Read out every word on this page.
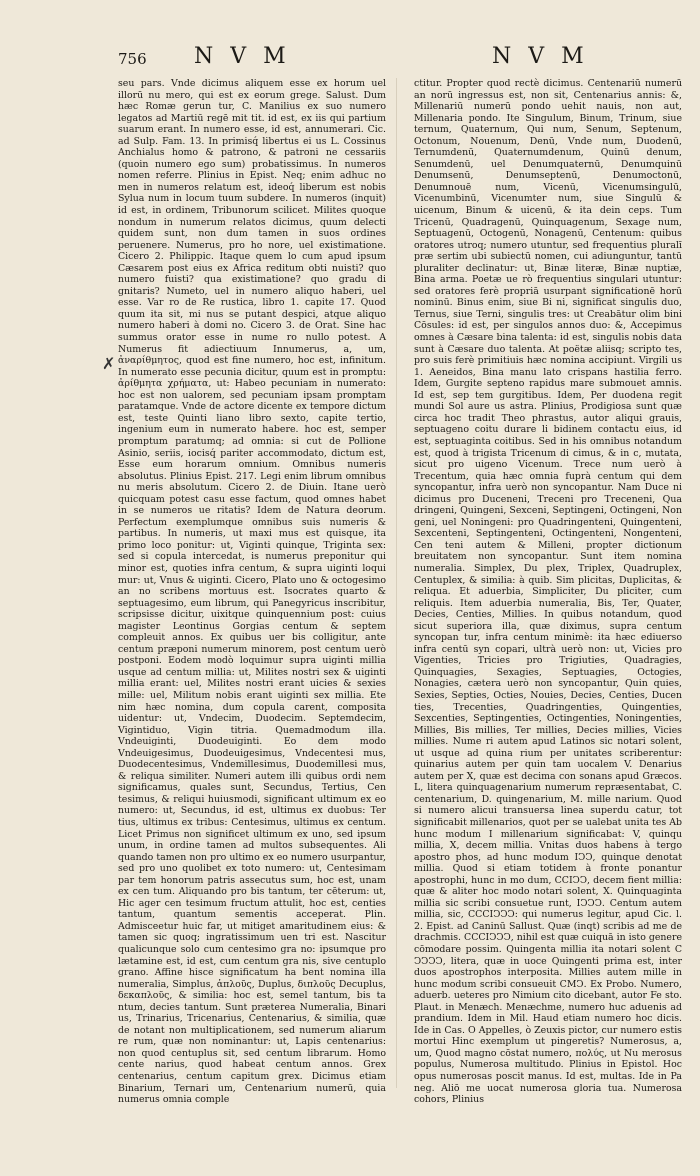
756 N V M	N V M
✗

seu pars. Vnde dicimus aliquem esse ex horum uel illorū nu mero, qui est ex eorum grege. Salust. Dum hæc Romæ gerun tur, C. Manilius ex suo numero legatos ad Martiū regē mit tit. id est, ex iis qui partium suarum erant. In numero esse, id est, annumerari. Cic. ad Sulp. Fam. 13. In primisq́ libertus ei us L. Cossinus Anchialus homo & patrono, & patroni ne cessariis (quoin numero ego sum) probatissimus. In numeros nomen referre. Plinius in Epist. Neq; enim adhuc no men in numeros relatum est, ideoq́ liberum est nobis Sylua num in locum tuum subdere. In numeros (inquit) id est, in ordinem, Tribunorum scilicet. Milites quoque nondum in numerum relatos dicimus, quum delecti quidem sunt, non dum tamen in suos ordines peruenere. Numerus, pro ho nore, uel existimatione. Cicero 2. Philippic. Itaque quem lo cum apud ipsum Cæsarem post eius ex Africa reditum obti nuisti? quo numero fuisti? qua existimatione? quo gradu di gnitaris? Numeto, uel in numero aliquo haberi, uel esse. Var ro de Re rustica, libro 1. capite 17. Quod quum ita sit, mi nus se putant despici, atque aliquo numero haberi à domi no. Cicero 3. de Orat. Sine hac summus orator esse in nume ro nullo potest. A Numerus fit adiectiuum Innumerus, a, um, ἀναρίθμητος, quod est fine numero, hoc est, infinitum. In numerato esse pecunia dicitur, quum est in promptu: ἀρίθμητα χρήματα, ut: Habeo pecuniam in numerato: hoc est non ualorem, sed pecuniam ipsam promptam paratamque. Vnde de actore dicente ex tempore dictum est, teste Quinti liano libro sexto, capite tertio, ingenium eum in numerato habere. hoc est, semper promptum paratumq; ad omnia: si cut de Pollione Asinio, seriis, iocisq́ pariter accommodato, dictum est, Esse eum horarum omnium. Omnibus numeris absolutus. Plinius Epist. 217. Legi enim librum omnibus nu meris absolutum. Cicero 2. de Diuin. Itane uerò quicquam potest casu esse factum, quod omnes habet in se numeros ue ritatis? Idem de Natura deorum. Perfectum exemplumque omnibus suis numeris & partibus. In numeris, ut maxi mus est quisque, ita primo loco ponitur: ut, Viginti quinque, Triginta sex: sed si copula intercedat, is numerus preponitur qui minor est, quoties infra centum, & supra uiginti loqui mur: ut, Vnus & uiginti. Cicero, Plato uno & octogesimo an no scribens mortuus est. Isocrates quarto & septuagesimo, eum librum, qui Panegyricus inscribitur, scripsisse dicitur, uixitque quinquennium post: cuius magister Leontinus Gorgias centum & septem compleuit annos. Ex quibus uer bis colligitur, ante centum præponi numerum minorem, post centum uerò postponi. Eodem modò loquimur supra uiginti millia usque ad centum millia: ut, Milites nostri sex & uiginti millia erant: uel, Milites nostri erant uicies & sexies mille: uel, Militum nobis erant uiginti sex millia. Ete nim hæc nomina, dum copula carent, composita uidentur: ut, Vndecim, Duodecim. Septemdecim, Vigintiduo, Vigin titria. Quemadmodum illa. Vndeuiginti, Duodeuiginti. Eo dem modo Vndeuigesimus, Duodeuigesimus, Vndecentesi mus, Duodecentesimus, Vndemillesimus, Duodemillesi mus, & reliqua similiter. Numeri autem illi quibus ordi nem significamus, quales sunt, Secundus, Tertius, Cen tesimus, & reliqui huiusmodi, significant ultimum ex eo numero: ut, Secundus, id est, ultimus ex duobus: Ter tius, ultimus ex tribus: Centesimus, ultimus ex centum. Licet Primus non significet ultimum ex uno, sed ipsum unum, in ordine tamen ad multos subsequentes. Ali quando tamen non pro ultimo ex eo numero usurpantur, sed pro uno quolibet ex toto numero: ut, Centesimam par tem honorum patris assecutus sum, hoc est, unam ex cen tum. Aliquando pro bis tantum, ter cēterum: ut, Hic ager cen tesimum fructum attulit, hoc est, centies tantum, quantum sementis acceperat. Plin. Admisceetur huic far, ut mitiget amaritudinem eius: & tamen sic quoq; ingratissimum uen tri est. Nascitur qualicunque solo cum centesimo gra no: ipsumque pro lætamine est, id est, cum centum gra nis, sive centuplo grano. Affine hisce significatum ha bent nomina illa numeralia, Simplus, ἁπλοῦς, Duplus, διπλοῦς Decuplus, δεκαπλοῦς, & similia: hoc est, semel tantum, bis ta ntum, decies tantum. Sunt præterea Numeralia, Binari us, Trinarius, Tricenarius, Centenarius, & similia, quæ de notant non multiplicationem, sed numerum aliarum re rum, quæ non nominantur: ut, Lapis centenarius: non quod centuplus sit, sed centum librarum. Homo cente narius, quod habeat centum annos. Grex centenarius, centum capitum grex. Dicimus etiam Binarium, Ternari um, Centenarium numerū, quia numerus omnia comple

ctitur. Propter quod rectè dicimus. Centenariū numerū an norū ingressus est, non sit, Centenarius annis: &, Millenariū numerū pondo uehit nauis, non aut, Millenaria pondo. Ite Singulum, Binum, Trinum, siue ternum, Quaternum, Qui num, Senum, Septenum, Octonum, Nouenum, Denū, Vnde num, Duodenū, Ternumdenū, Quaternumdenum, Quinū denum, Senumdenū, uel Denumquaternū, Denumquinū Denumsenū, Denumseptenū, Denumoctonū, Denumnouē num, Vicenū, Vicenumsingulū, Vicenumbinū, Vicenumter num, siue Singulū & uicenum, Binum & uicenū, & ita dein ceps. Tum Tricenū, Quadragenū, Quinquagenum, Sexage num, Septuagenū, Octogenū, Nonagenū, Centenum: quibus oratores utroq; numero utuntur, sed frequentius pluralī præ sertim ubi subiectū nomen, cui adiunguntur, tantū pluraliter declinatur: ut, Binæ literæ, Binæ nuptiæ, Bina arma. Poetæ ue rò frequentius singulari utuntur: sed oratores ferè propriā usurpant significationē horū nominū. Binus enim, siue Bi ni, significat singulis duo, Ternus, siue Terni, singulis tres: ut Creabātur olim bini Cōsules: id est, per singulos annos duo: &, Accepimus omnes à Cæsare bina talenta: id est, singulis nobis data sunt à Cæsare duo talenta. At poëtæ aliisq; scripto tes, pro suis ferè primitiuis hæc nomina accipiunt. Virgili us 1. Aeneidos, Bina manu lato crispans hastilia ferro. Idem, Gurgite septeno rapidus mare submouet amnis. Id est, sep tem gurgitibus. Idem, Per duodena regit mundi Sol aure us astra. Plinius, Prodigiosa sunt quæ circa hoc tradit Theo phrastus, autor aliqui grauis, septuageno coitu durare li bidinem contactu eius, id est, septuaginta coitibus. Sed in his omnibus notandum est, quod à trigista Tricenum di cimus, & in c, mutata, sicut pro uigeno Vicenum. Trece num uerò à Trecentum, quia hæc omnia fuprà centum qui dem syncopantur, infra uerò non syncopantur. Nam Duce ni dicimus pro Duceneni, Treceni pro Treceneni, Qua dringeni, Quingeni, Sexceni, Septingeni, Octingeni, Non geni, uel Noningeni: pro Quadringenteni, Quingenteni, Sexcenteni, Septingenteni, Octingenteni, Nongenteni, Cen teni autem & Milleni, propter dictionum breuitatem non syncopantur. Sunt item nomina numeralia. Simplex, Du plex, Triplex, Quadruplex, Centuplex, & similia: à quib. Sim plicitas, Duplicitas, & reliqua. Et aduerbia, Simpliciter, Du pliciter, cum reliquis. Item aduerbia numeralia, Bis, Ter, Quater, Decies, Centies, Millies. In quibus notandum, quod sicut superiora illa, quæ diximus, supra centum syncopan tur, infra centum minimè: ita hæc ediuerso infra centū syn copari, ultrà uerò non: ut, Vicies pro Vigenties, Tricies pro Trigiuties, Quadragies, Quinquagies, Sexagies, Septuagies, Octogies, Nonagies, cætera uerò non syncopantur, Quin quies, Sexies, Septies, Octies, Nouies, Decies, Centies, Ducen ties, Trecenties, Quadringenties, Quingenties, Sexcenties, Septingenties, Octingenties, Noningenties, Millies, Bis millies, Ter millies, Decies millies, Vicies millies. Nume ri autem apud Latinos sic notari solent, ut usque ad quina rium per unitates scriberentur: quinarius autem per quin tam uocalem V. Denarius autem per X, quæ est decima con sonans apud Græcos. L, litera quinquagenarium numerum repræsentabat, C. centenarium, D. quingenarium, M. mille narium. Quod si numero alicui transuersa linea superdu catur, tot significabit millenarios, quot per se ualebat unita tes Ab hunc modum I millenarium significabat: V, quinqu millia, X, decem millia. Vnitas duos habens à tergo apostro phos, ad hunc modum IↃↃ, quinque denotat millia. Quod si etiam totidem à fronte ponantur apostrophi, hunc in mo dum, CCIↃↃ, decem fient millia: quæ & aliter hoc modo notari solent, X. Quinquaginta millia sic scribi consuetue runt, IↃↃↃ. Centum autem millia, sic, CCCIↃↃↃ: qui numerus legitur, apud Cic. l. 2. Epist. ad Caninū Sallust. Quæ (inqt) scribis ad me de drachmis. CCCIↃↃↃ, nihil est quæ cuiquā in isto genere cōmodare possim. Quingenta millia ita notari solent C ↃↃↃↃ, litera, quæ in uoce Quingenti prima est, inter duos apostrophos interposita. Millies autem mille in hunc modum scribi consueuit CMↃ. Ex Probo. Numero, aduerb. ueteres pro Nimium cito dicebant, autor Fe sto. Plaut. in Menæch. Menæchme, numero huc aduenis ad prandium. Idem in Mil. Haud etiam numero hoc dicis. Ide in Cas. O Appelles, ò Zeuxis pictor, cur numero estis mortui Hinc exemplum ut pingeretis? Numerosus, a, um, Quod magno cōstat numero, πολύς, ut Nu merosus populus, Numerosa multitudo. Plinius in Epistol. Hoc opus numerosas poscit manus. Id est, multas. Ide in Pa neg. Aliō me uocat numerosa gloria tua. Numerosa cohors, Plinius
